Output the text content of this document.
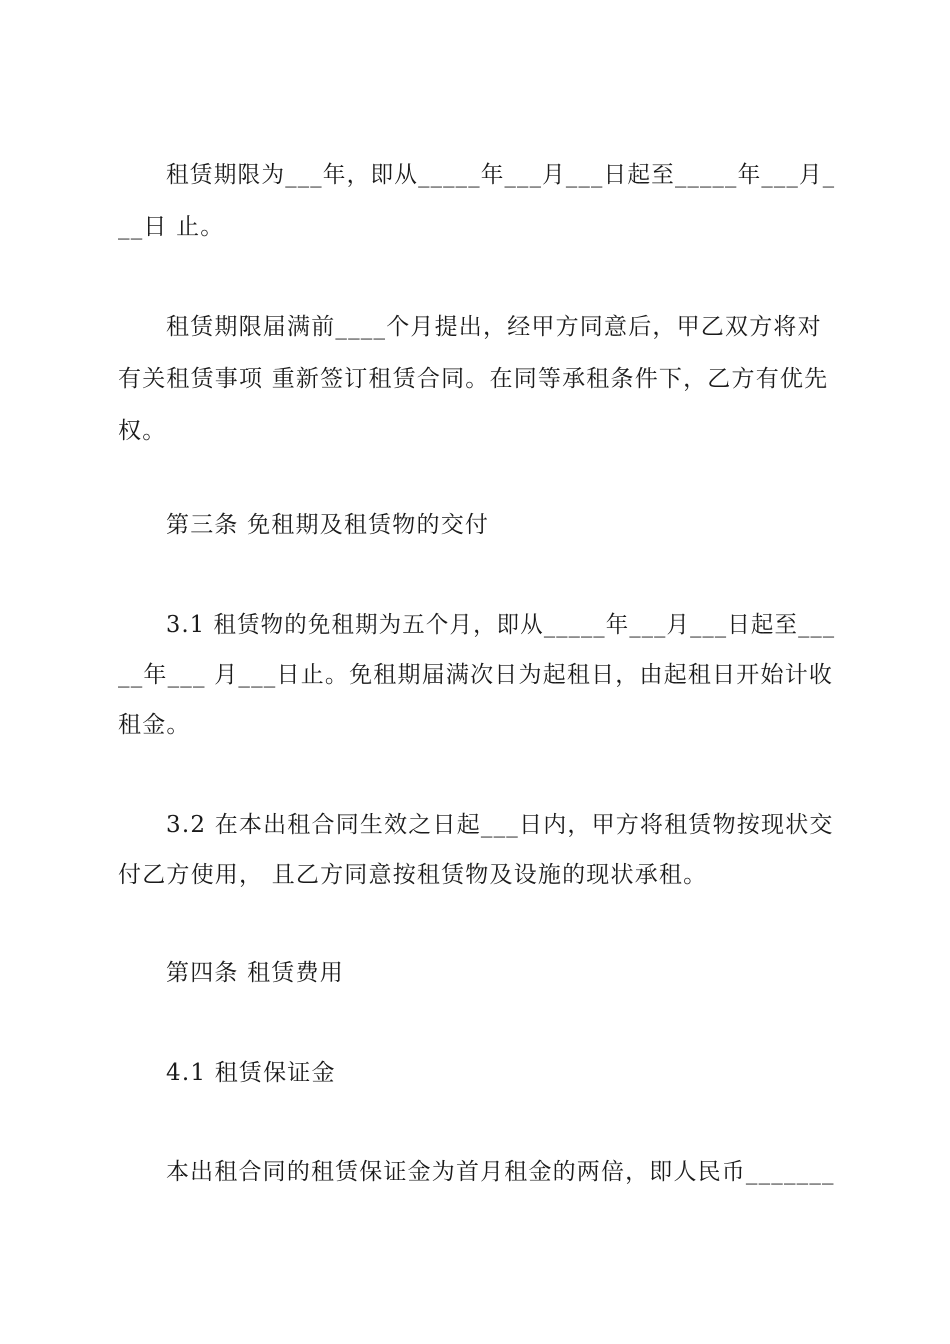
租赁期限为___年，即从_____年___月___日起至_____年___月_
__日 止。
租赁期限届满前____个月提出，经甲方同意后，甲乙双方将对
有关租赁事项 重新签订租赁合同。在同等承租条件下，乙方有优先
权。
第三条 免租期及租赁物的交付
3.1 租赁物的免租期为五个月，即从_____年___月___日起至___
__年___ 月___日止。免租期届满次日为起租日，由起租日开始计收
租金。
3.2 在本出租合同生效之日起___日内，甲方将租赁物按现状交
付乙方使用， 且乙方同意按租赁物及设施的现状承租。
第四条 租赁费用
4.1 租赁保证金
本出租合同的租赁保证金为首月租金的两倍，即人民币_______
